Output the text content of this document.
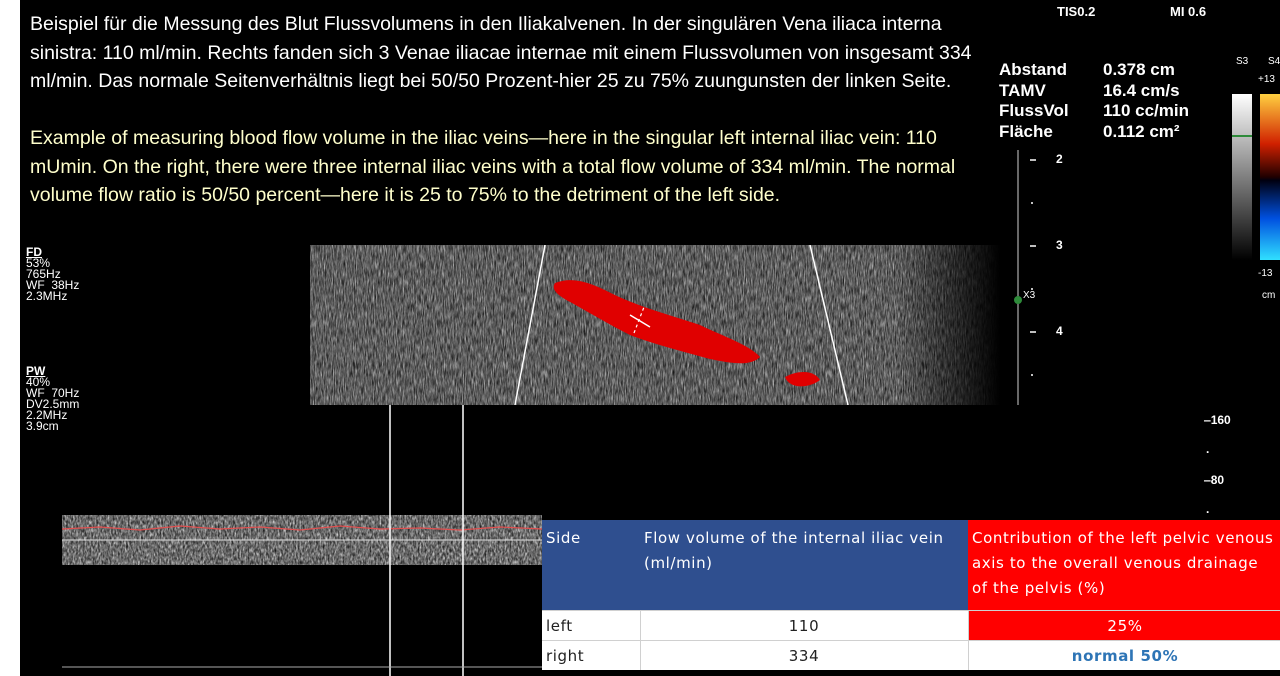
Beispiel für die Messung des Blut Flussvolumens in den Iliakalvenen. In der singulären Vena iliaca interna sinistra: 110 ml/min. Rechts fanden sich 3 Venae iliacae internae mit einem Flussvolumen von insgesamt 334 ml/min. Das normale Seitenverhältnis liegt bei 50/50 Prozent-hier 25 zu 75% zuungunsten der linken Seite.
Example of measuring blood flow volume in the iliac veins—here in the singular left internal iliac vein: 110 mUmin. On the right, there were three internal iliac veins with a total flow volume of 334 ml/min. The normal volume flow ratio is 50/50 percent—here it is 25 to 75% to the detriment of the left side.
TIS0.2	MI 0.6
FD
53%
765Hz
WF  38Hz
2.3MHz
PW
40%
WF  70Hz
DV2.5mm
2.2MHz
3.9cm
Abstand	0.378 cm
TAMV	16.4 cm/s
FlussVol	110 cc/min
Fläche	0.112 cm²
2
3
4
X3
S3 S4
+13
-13
cm
‒160
·
‒80
·
Side	Flow volume of the internal iliac vein (ml/min)	Contribution of the left pelvic venous axis to the overall venous drainage of the pelvis (%)
left	110	25%
right	334	normal 50%
